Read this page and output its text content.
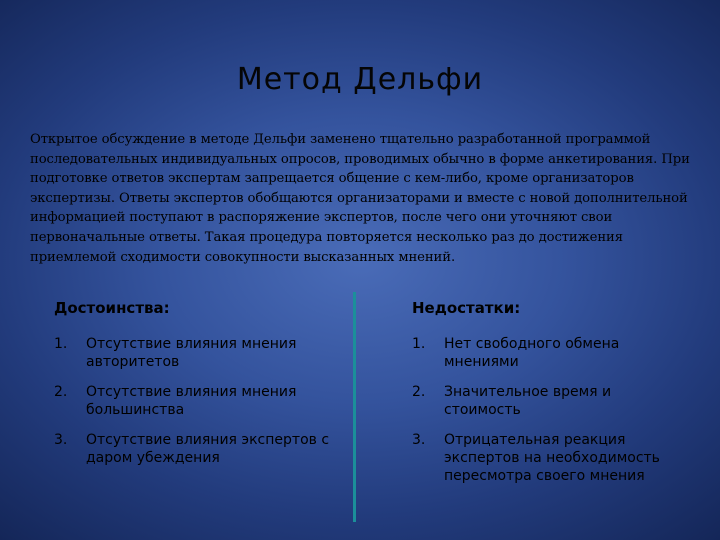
Метод Дельфи
Открытое обсуждение в методе Дельфи заменено тщательно разработанной программой последовательных индивидуальных опросов, проводимых обычно в форме анкетирования. При подготовке ответов экспертам запрещается общение с кем-либо, кроме организаторов экспертизы. Ответы экспертов обобщаются организаторами и вместе с новой дополнительной информацией поступают в распоряжение экспертов, после чего они уточняют свои первоначальные ответы. Такая процедура повторяется несколько раз до достижения приемлемой сходимости совокупности высказанных мнений.
Достоинства:
1.	Отсутствие влияния мнения авторитетов
2.	Отсутствие влияния мнения большинства
3.	Отсутствие влияния экспертов с даром убеждения
Недостатки:
1.	Нет свободного обмена мнениями
2.	Значительное время и стоимость
3.	Отрицательная реакция экспертов на необходимость пересмотра своего мнения
